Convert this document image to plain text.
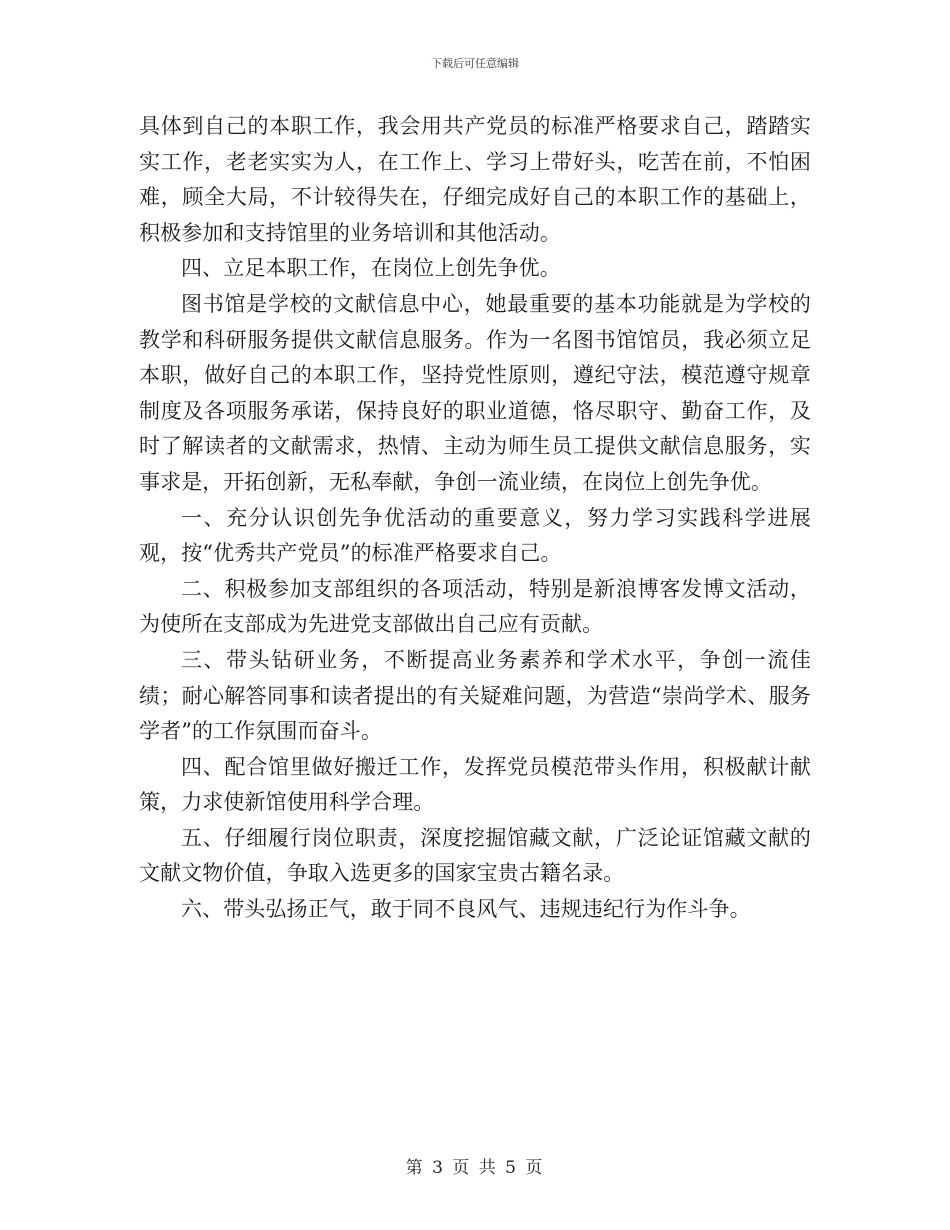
下载后可任意编辑

具体到自己的本职工作，我会用共产党员的标准严格要求自己，踏踏实实工作，老老实实为人，在工作上、学习上带好头，吃苦在前，不怕困难，顾全大局，不计较得失在，仔细完成好自己的本职工作的基础上，积极参加和支持馆里的业务培训和其他活动。

四、立足本职工作，在岗位上创先争优。

图书馆是学校的文献信息中心，她最重要的基本功能就是为学校的教学和科研服务提供文献信息服务。作为一名图书馆馆员，我必须立足本职，做好自己的本职工作，坚持党性原则，遵纪守法，模范遵守规章制度及各项服务承诺，保持良好的职业道德，恪尽职守、勤奋工作，及时了解读者的文献需求，热情、主动为师生员工提供文献信息服务，实事求是，开拓创新，无私奉献，争创一流业绩，在岗位上创先争优。

一、充分认识创先争优活动的重要意义，努力学习实践科学进展观，按“优秀共产党员”的标准严格要求自己。

二、积极参加支部组织的各项活动，特别是新浪博客发博文活动，为使所在支部成为先进党支部做出自己应有贡献。

三、带头钻研业务，不断提高业务素养和学术水平，争创一流佳绩；耐心解答同事和读者提出的有关疑难问题，为营造“崇尚学术、服务学者”的工作氛围而奋斗。

四、配合馆里做好搬迁工作，发挥党员模范带头作用，积极献计献策，力求使新馆使用科学合理。

五、仔细履行岗位职责，深度挖掘馆藏文献，广泛论证馆藏文献的文献文物价值，争取入选更多的国家宝贵古籍名录。

六、带头弘扬正气，敢于同不良风气、违规违纪行为作斗争。

第 3 页 共 5 页
